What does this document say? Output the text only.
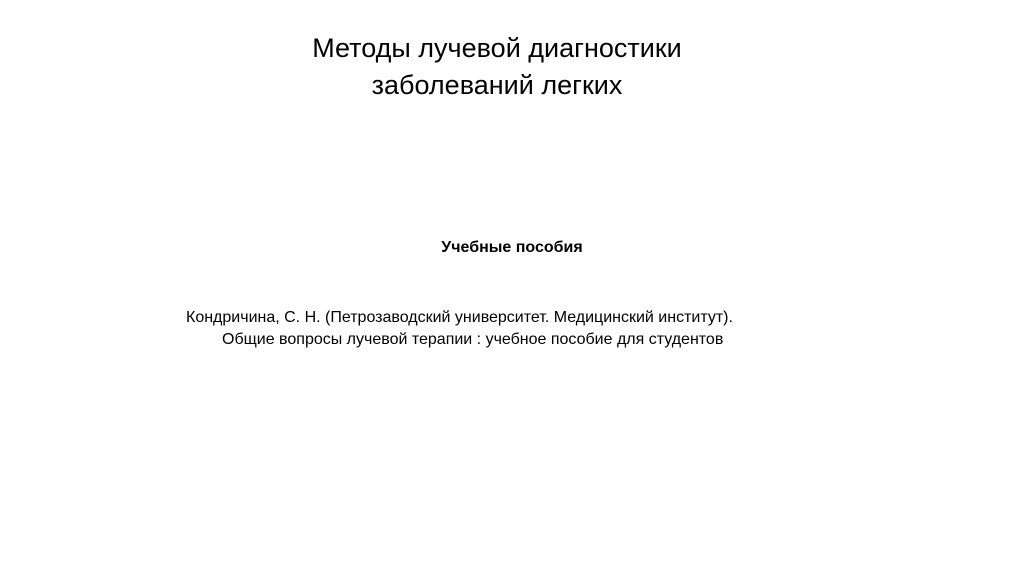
Методы лучевой диагностики
заболеваний легких
Учебные пособия

Кондричина, С. Н. (Петрозаводский университет. Медицинский институт).
Общие вопросы лучевой терапии : учебное пособие для студентов
